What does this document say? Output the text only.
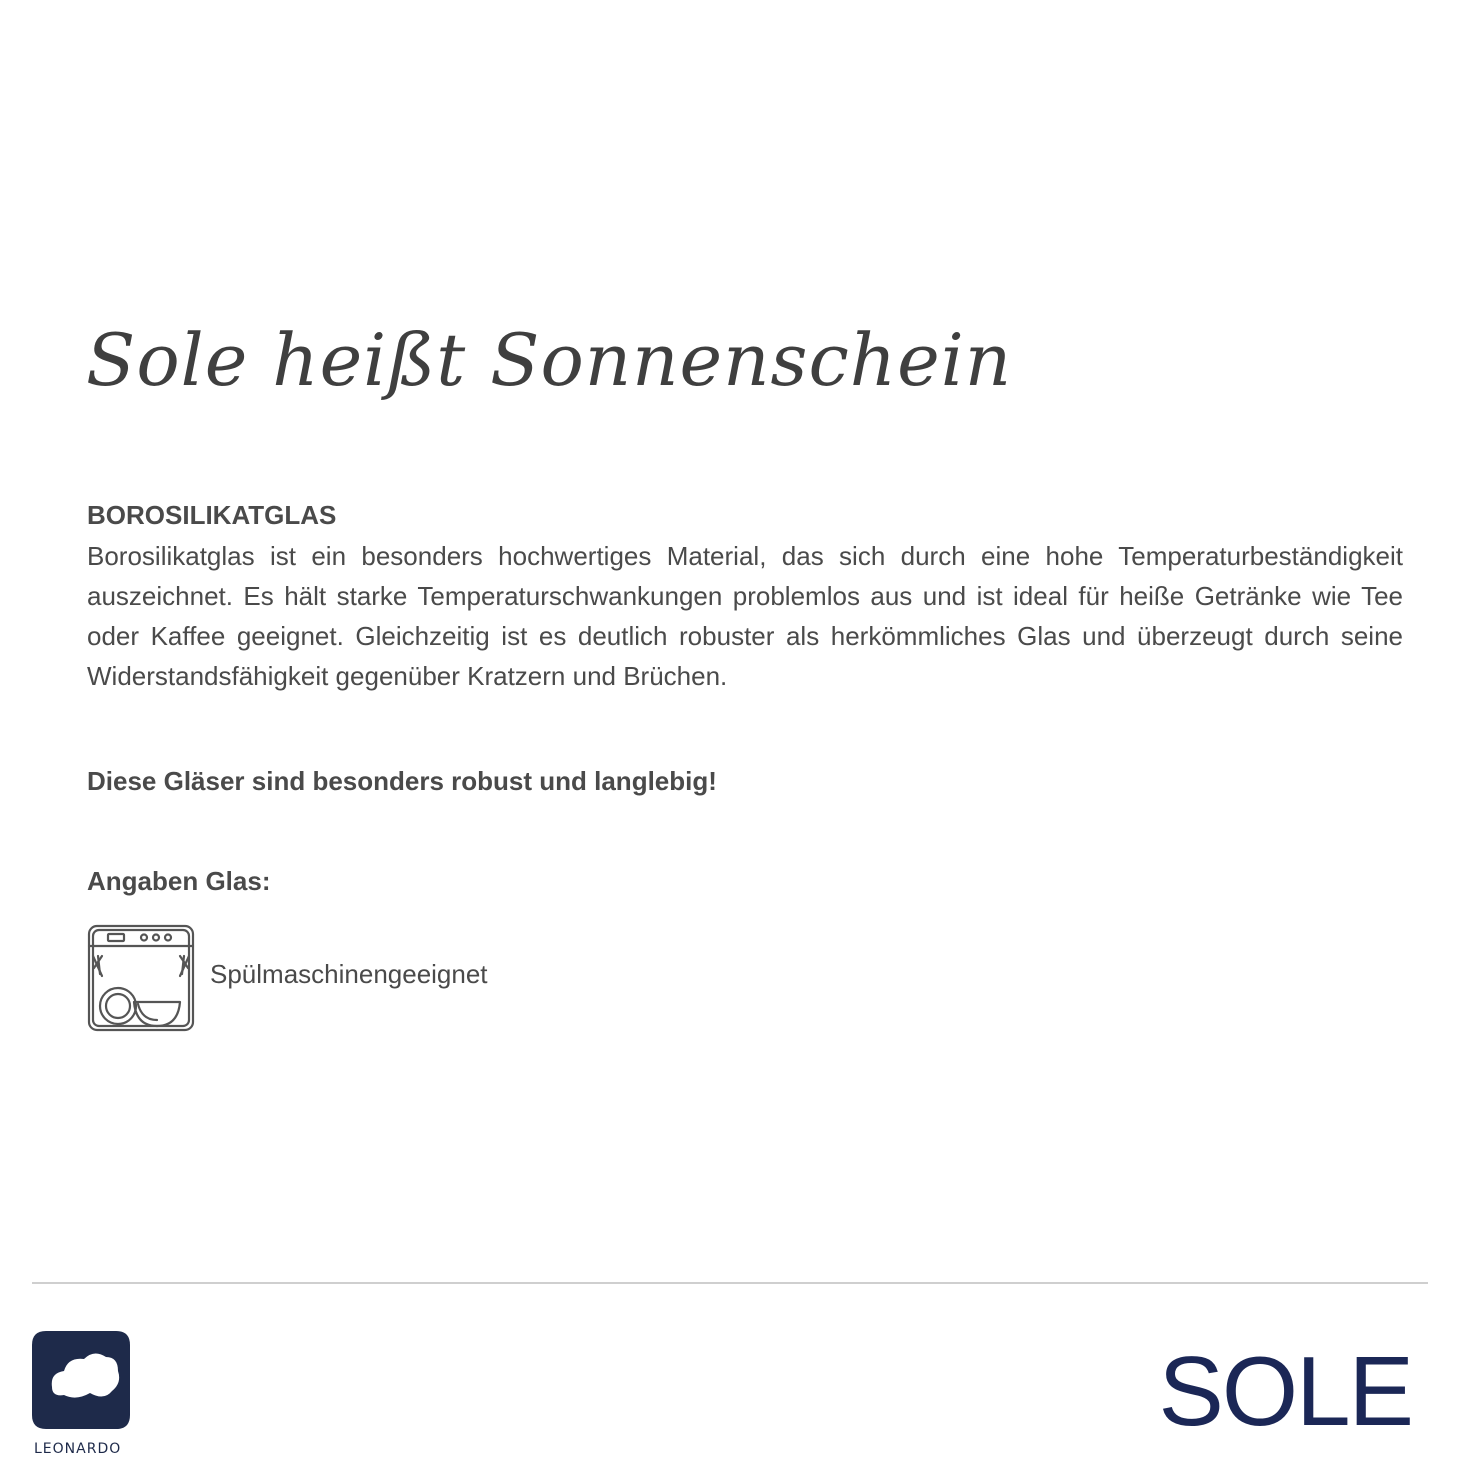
Sole heißt Sonnenschein
BOROSILIKATGLAS

Borosilikatglas ist ein besonders hochwertiges Material, das sich durch eine hohe Temperaturbeständigkeit auszeichnet. Es hält starke Temperaturschwankungen problemlos aus und ist ideal für heiße Getränke wie Tee oder Kaffee geeignet. Gleichzeitig ist es deutlich robuster als herkömmliches Glas und überzeugt durch seine Widerstandsfähigkeit gegenüber Kratzern und Brüchen.

Diese Gläser sind besonders robust und langlebig!

Angaben Glas:
Spülmaschinengeeignet
LEONARDO
SOLE
